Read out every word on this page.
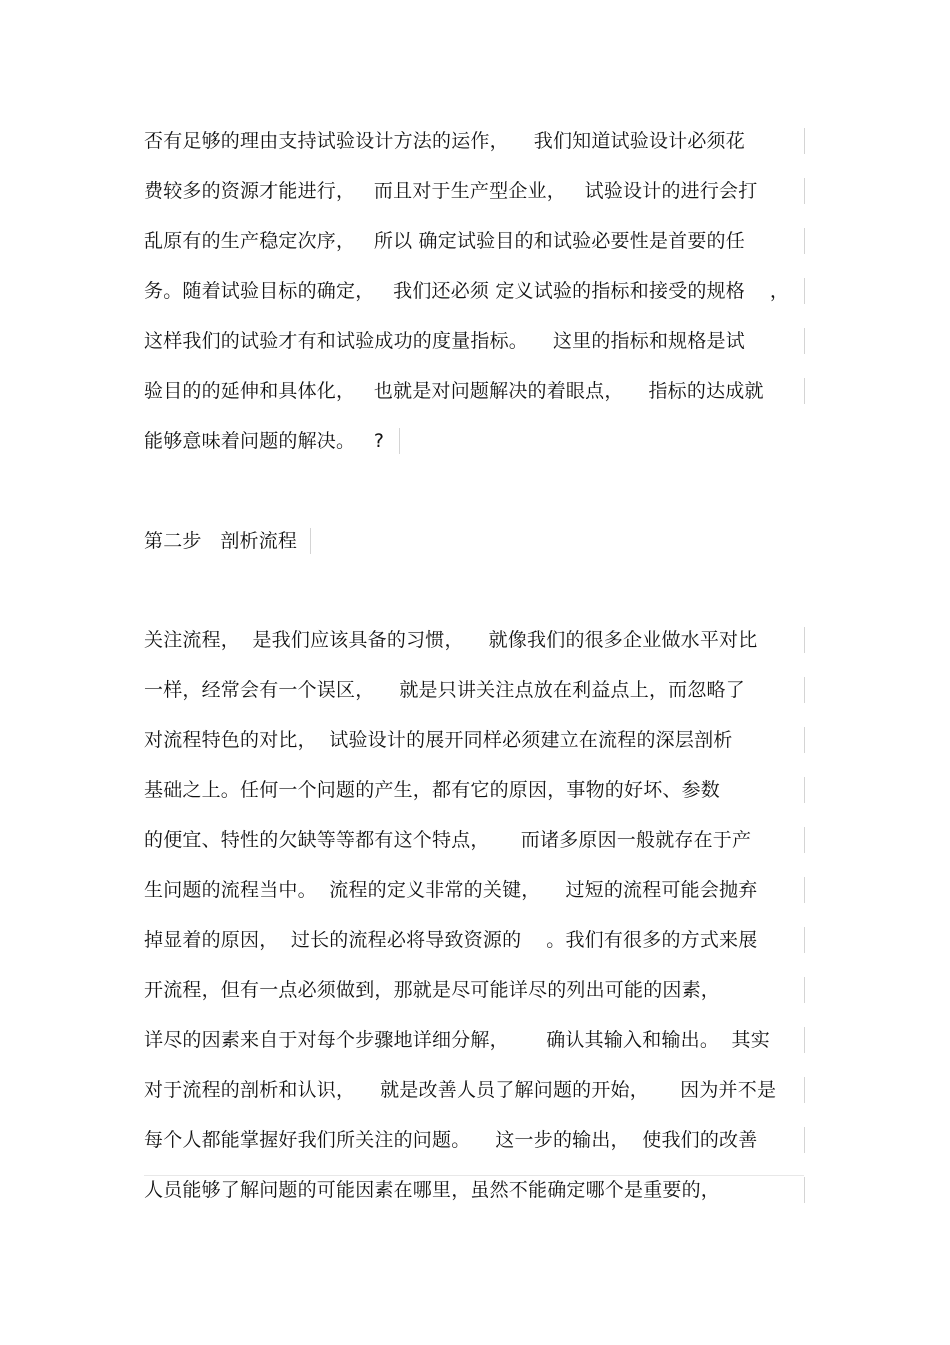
否有足够的理由支持试验设计方法的运作，    我们知道试验设计必须花
费较多的资源才能进行，   而且对于生产型企业，   试验设计的进行会打
乱原有的生产稳定次序，   所以 确定试验目的和试验必要性是首要的任
务。随着试验目标的确定，   我们还必须 定义试验的指标和接受的规格    ，
这样我们的试验才有和试验成功的度量指标。    这里的指标和规格是试
验目的的延伸和具体化，   也就是对问题解决的着眼点，    指标的达成就
能够意味着问题的解决。   ?
第二步   剖析流程
关注流程，  是我们应该具备的习惯，    就像我们的很多企业做水平对比
一样，经常会有一个误区，    就是只讲关注点放在利益点上，而忽略了
对流程特色的对比，  试验设计的展开同样必须建立在流程的深层剖析
基础之上。任何一个问题的产生，都有它的原因，事物的好坏、参数
的便宜、特性的欠缺等等都有这个特点，     而诸多原因一般就存在于产
生问题的流程当中。  流程的定义非常的关键，    过短的流程可能会抛弃
掉显着的原因，  过长的流程必将导致资源的    。我们有很多的方式来展
开流程，但有一点必须做到，那就是尽可能详尽的列出可能的因素，
详尽的因素来自于对每个步骤地详细分解，      确认其输入和输出。  其实
对于流程的剖析和认识，    就是改善人员了解问题的开始，     因为并不是
每个人都能掌握好我们所关注的问题。    这一步的输出，  使我们的改善
人员能够了解问题的可能因素在哪里，虽然不能确定哪个是重要的，
